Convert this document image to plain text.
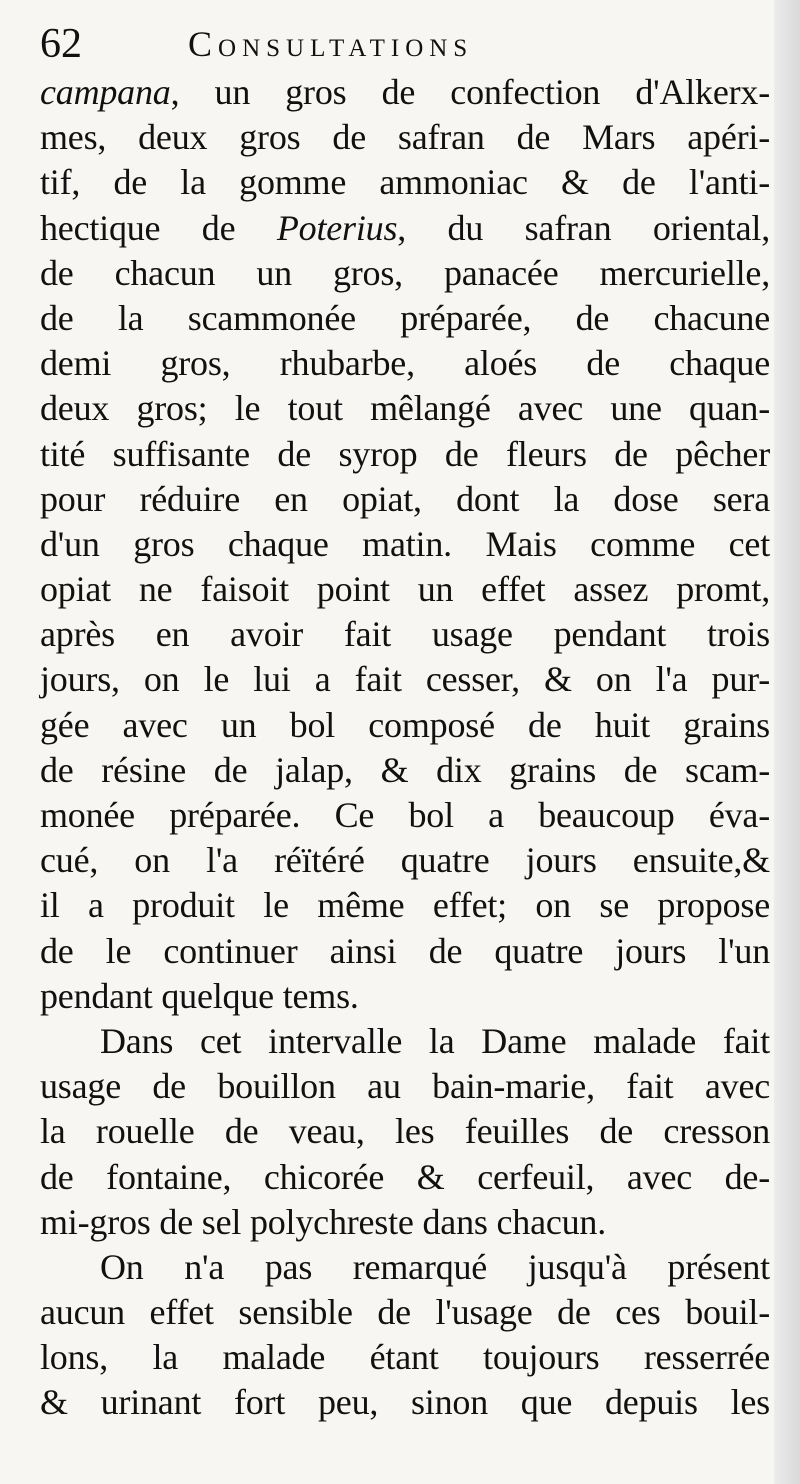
62	Consultations
campana, un gros de confection d'Alkerx-
mes, deux gros de safran de Mars apéri-
tif, de la gomme ammoniac & de l'anti-
hectique de Poterius, du safran oriental,
de chacun un gros, panacée mercurielle,
de la scammonée préparée, de chacune
demi gros, rhubarbe, aloés de chaque
deux gros; le tout mêlangé avec une quan-
tité suffisante de syrop de fleurs de pêcher
pour réduire en opiat, dont la dose sera
d'un gros chaque matin. Mais comme cet
opiat ne faisoit point un effet assez promt,
après en avoir fait usage pendant trois
jours, on le lui a fait cesser, & on l'a pur-
gée avec un bol composé de huit grains
de résine de jalap, & dix grains de scam-
monée préparée. Ce bol a beaucoup éva-
cué, on l'a réïtéré quatre jours ensuite,&
il a produit le même effet; on se propose
de le continuer ainsi de quatre jours l'un
pendant quelque tems.
Dans cet intervalle la Dame malade fait
usage de bouillon au bain-marie, fait avec
la rouelle de veau, les feuilles de cresson
de fontaine, chicorée & cerfeuil, avec de-
mi-gros de sel polychreste dans chacun.
On n'a pas remarqué jusqu'à présent
aucun effet sensible de l'usage de ces bouil-
lons, la malade étant toujours resserrée
& urinant fort peu, sinon que depuis les
